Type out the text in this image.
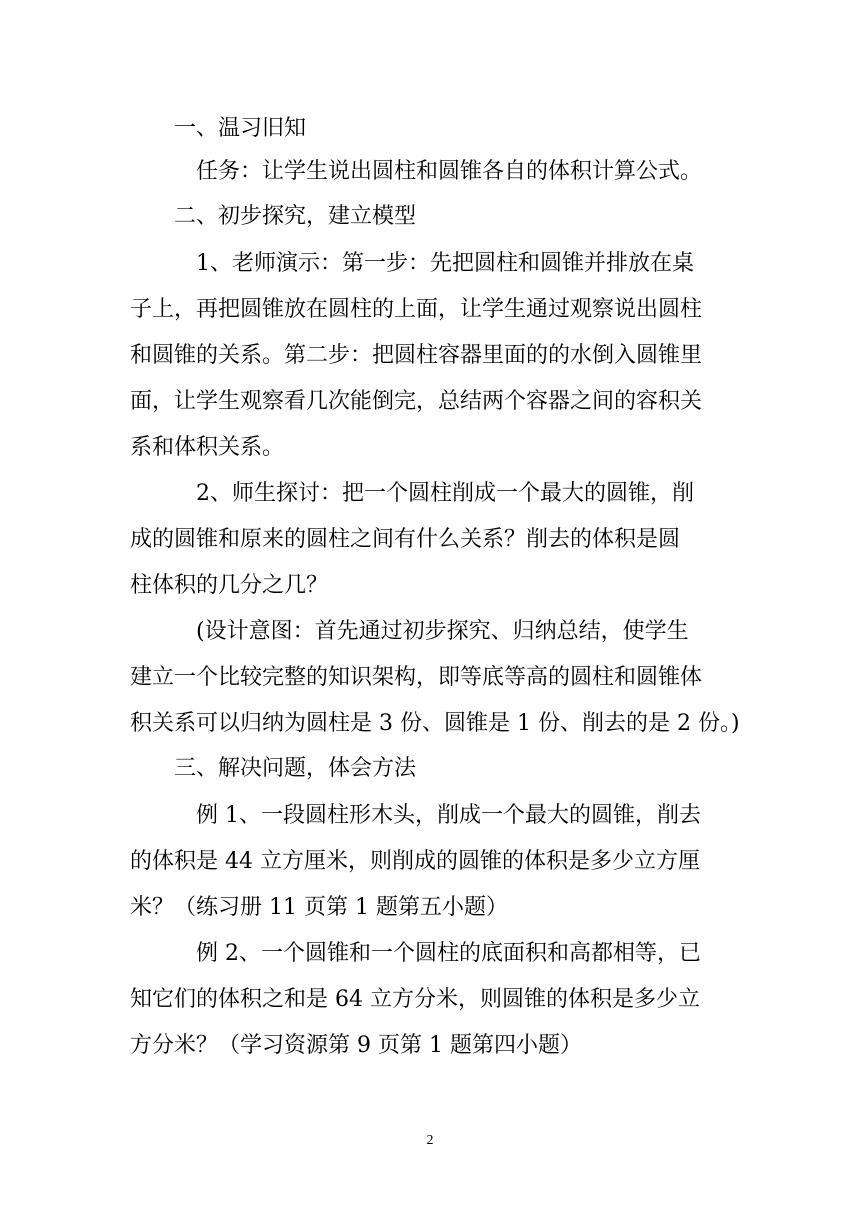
　　一、温习旧知
　　　任务：让学生说出圆柱和圆锥各自的体积计算公式。
　　二、初步探究，建立模型
　　　1、老师演示：第一步：先把圆柱和圆锥并排放在桌
子上，再把圆锥放在圆柱的上面，让学生通过观察说出圆柱
和圆锥的关系。第二步：把圆柱容器里面的的水倒入圆锥里
面，让学生观察看几次能倒完，总结两个容器之间的容积关
系和体积关系。
　　　2、师生探讨：把一个圆柱削成一个最大的圆锥，削
成的圆锥和原来的圆柱之间有什么关系？削去的体积是圆
柱体积的几分之几？
　　　(设计意图：首先通过初步探究、归纳总结，使学生
建立一个比较完整的知识架构，即等底等高的圆柱和圆锥体
积关系可以归纳为圆柱是 3 份、圆锥是 1 份、削去的是 2 份。)
　　三、解决问题，体会方法
　　　例 1、一段圆柱形木头，削成一个最大的圆锥，削去
的体积是 44 立方厘米，则削成的圆锥的体积是多少立方厘
米？（练习册 11 页第 1 题第五小题）
　　　例 2、一个圆锥和一个圆柱的底面积和高都相等，已
知它们的体积之和是 64 立方分米，则圆锥的体积是多少立
方分米？（学习资源第 9 页第 1 题第四小题）
2
